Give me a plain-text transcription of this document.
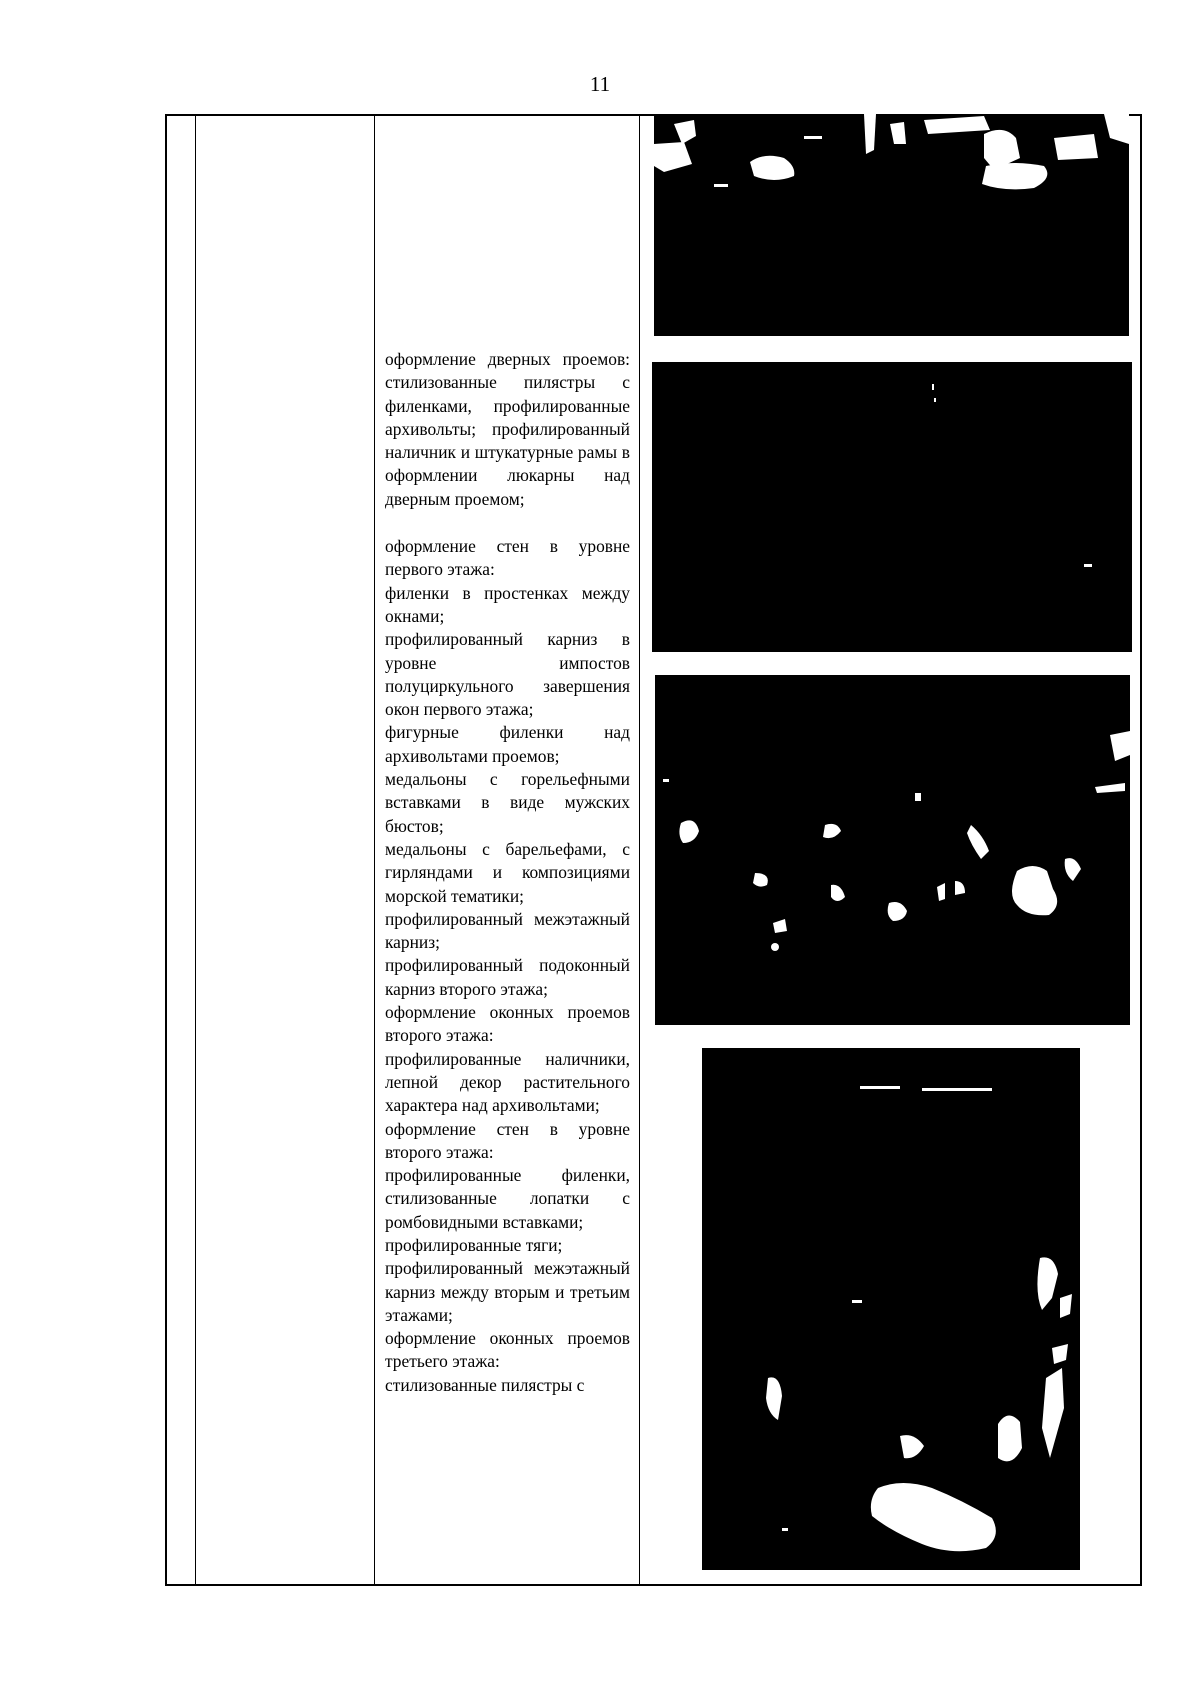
11

оформление дверных проемов: стилизованные пилястры с филенками, профилированные архивольты; профилированный наличник и штукатурные рамы в оформлении люкарны над дверным проемом;

оформление стен в уровне первого этажа:

филенки в простенках между окнами;

профилированный карниз в уровне импостов полуциркульного завершения окон первого этажа;

фигурные филенки над архивольтами проемов;

медальоны с горельефными вставками в виде мужских бюстов;

медальоны с барельефами, с гирляндами и композициями морской тематики;

профилированный межэтажный карниз;

профилированный подоконный карниз второго этажа;

оформление оконных проемов второго этажа:

профилированные наличники, лепной декор растительного характера над архивольтами;

оформление стен в уровне второго этажа:

профилированные филенки, стилизованные лопатки с ромбовидными вставками;

профилированные тяги;

профилированный межэтажный карниз между вторым и третьим этажами;

оформление оконных проемов третьего этажа:

стилизованные пилястры с
